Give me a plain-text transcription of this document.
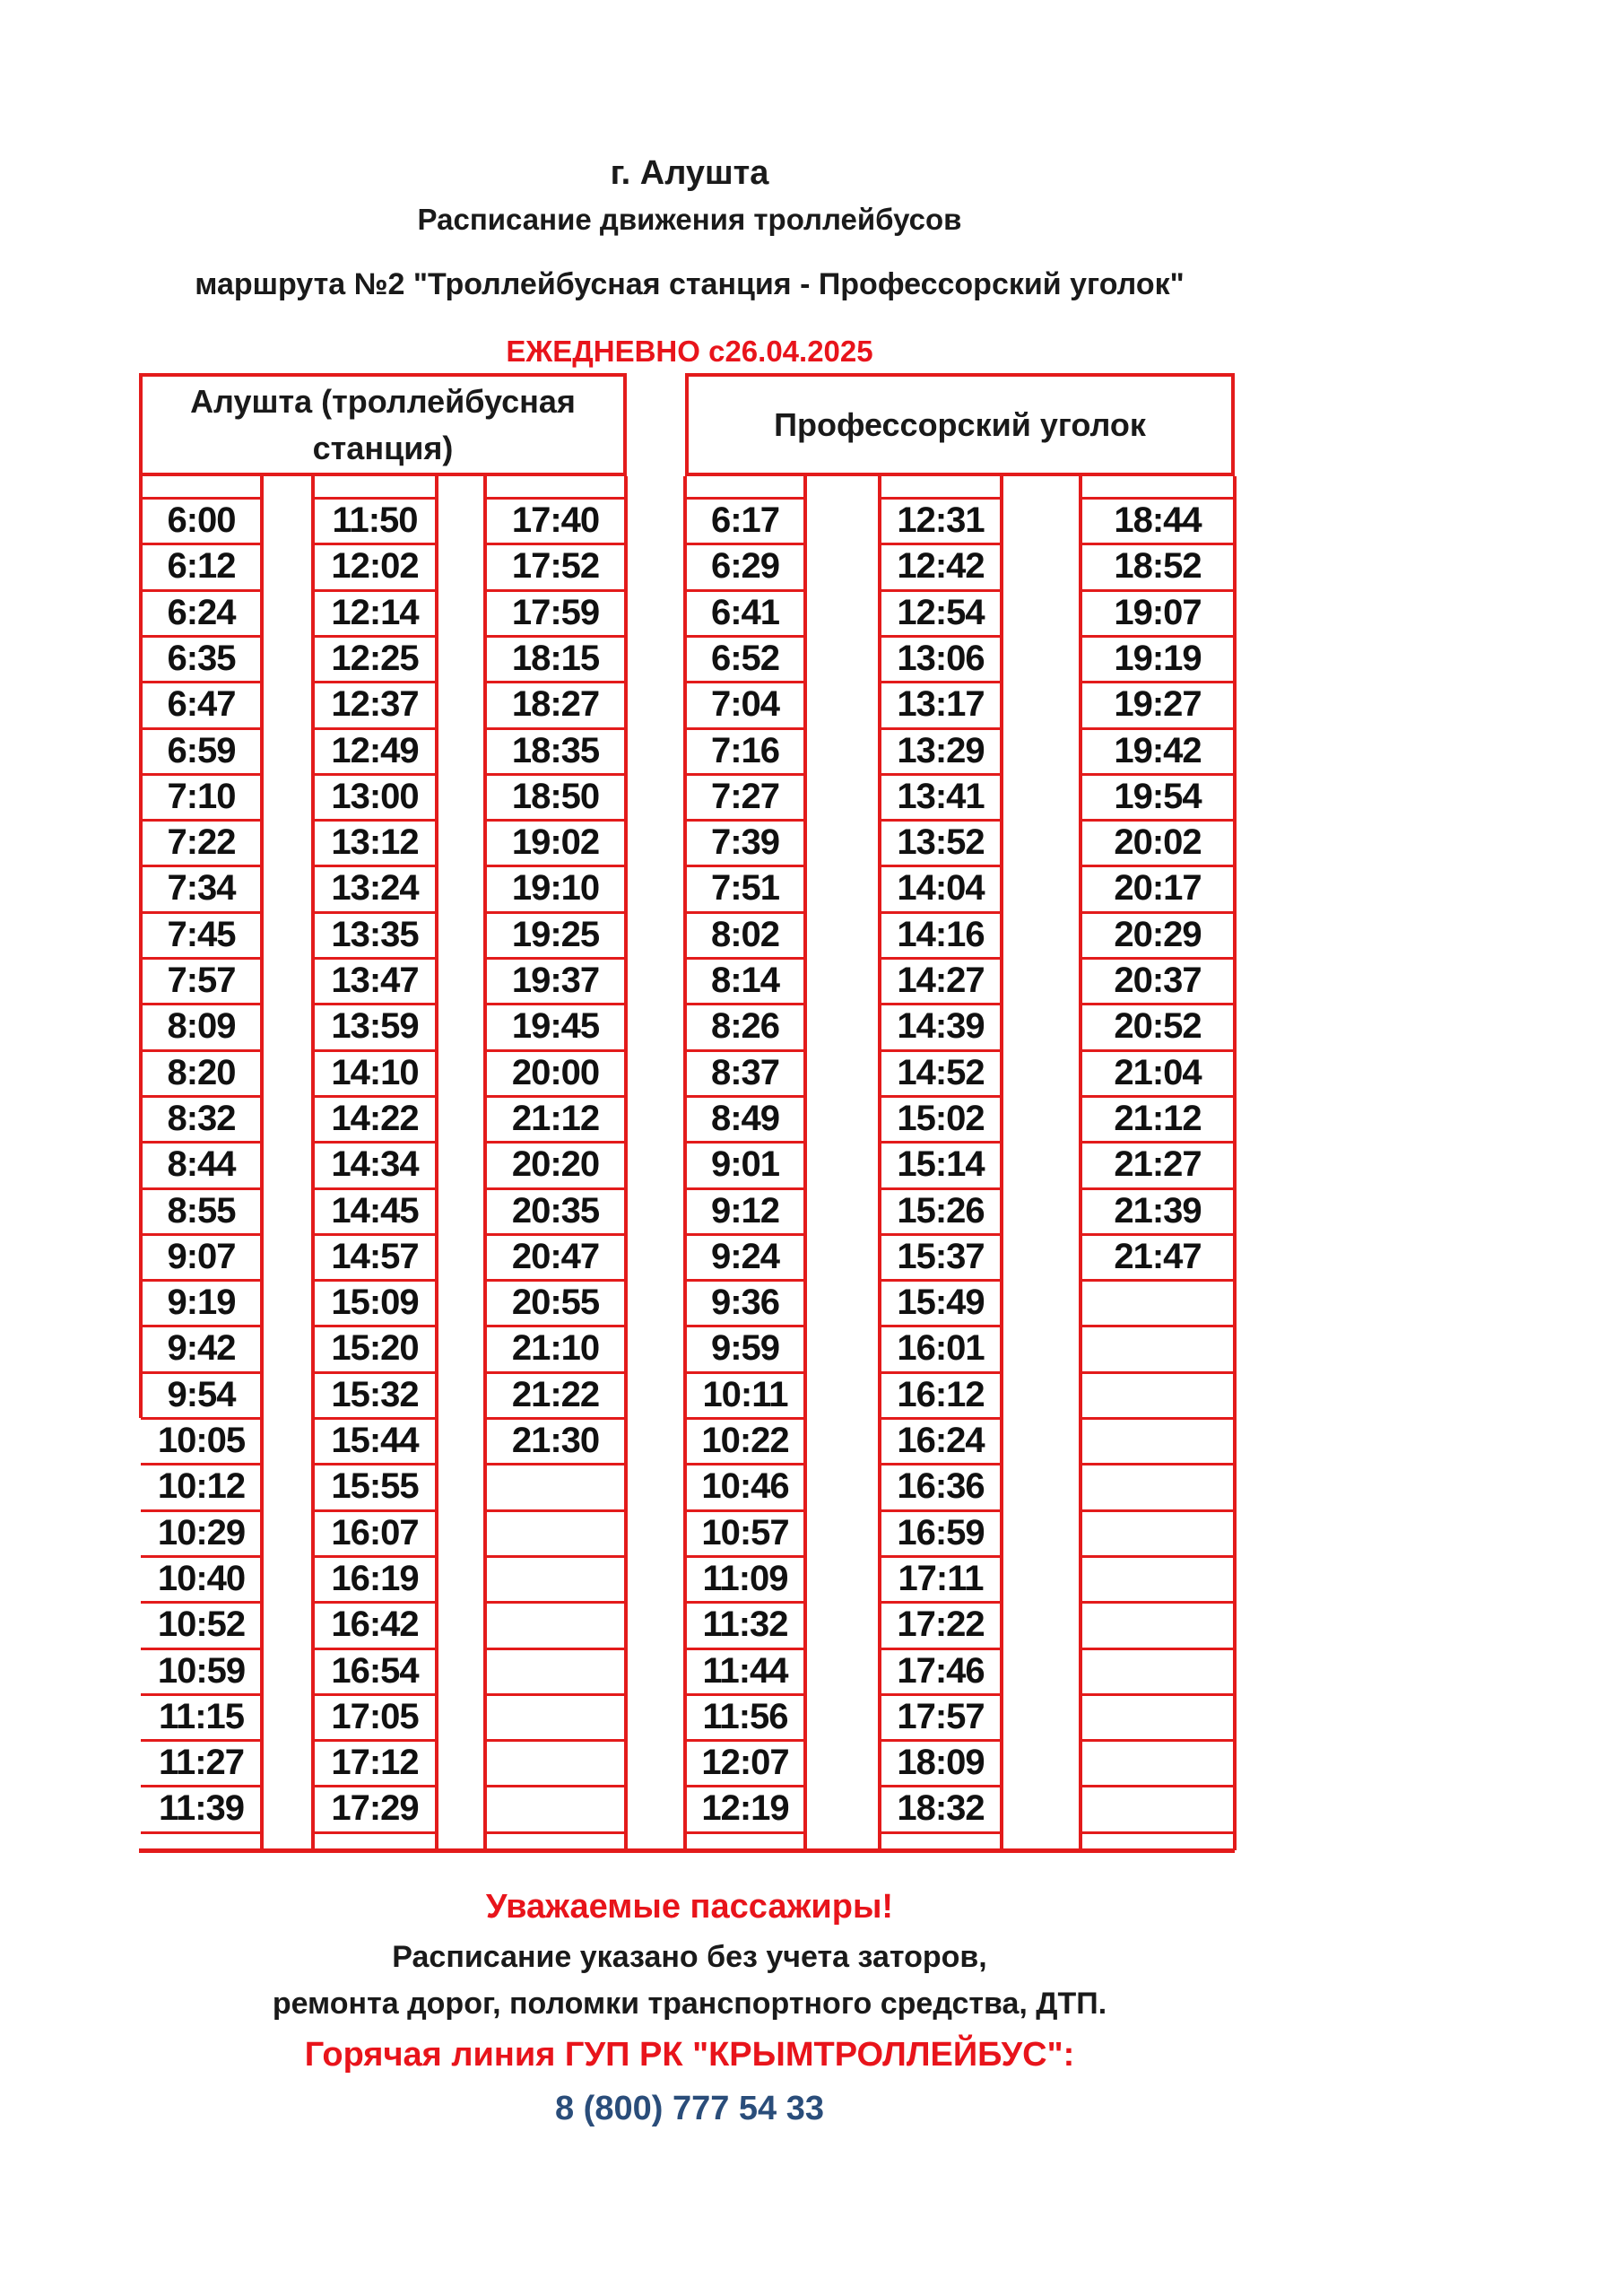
г. Алушта
Расписание движения троллейбусов
маршрута №2 "Троллейбусная станция - Профессорский уголок"
ЕЖЕДНЕВНО с26.04.2025
Алушта (троллейбусная станция)
Профессорский уголок
6:00
6:12
6:24
6:35
6:47
6:59
7:10
7:22
7:34
7:45
7:57
8:09
8:20
8:32
8:44
8:55
9:07
9:19
9:42
9:54
10:05
10:12
10:29
10:40
10:52
10:59
11:15
11:27
11:39
11:50
12:02
12:14
12:25
12:37
12:49
13:00
13:12
13:24
13:35
13:47
13:59
14:10
14:22
14:34
14:45
14:57
15:09
15:20
15:32
15:44
15:55
16:07
16:19
16:42
16:54
17:05
17:12
17:29
17:40
17:52
17:59
18:15
18:27
18:35
18:50
19:02
19:10
19:25
19:37
19:45
20:00
21:12
20:20
20:35
20:47
20:55
21:10
21:22
21:30
6:17
6:29
6:41
6:52
7:04
7:16
7:27
7:39
7:51
8:02
8:14
8:26
8:37
8:49
9:01
9:12
9:24
9:36
9:59
10:11
10:22
10:46
10:57
11:09
11:32
11:44
11:56
12:07
12:19
12:31
12:42
12:54
13:06
13:17
13:29
13:41
13:52
14:04
14:16
14:27
14:39
14:52
15:02
15:14
15:26
15:37
15:49
16:01
16:12
16:24
16:36
16:59
17:11
17:22
17:46
17:57
18:09
18:32
18:44
18:52
19:07
19:19
19:27
19:42
19:54
20:02
20:17
20:29
20:37
20:52
21:04
21:12
21:27
21:39
21:47
Уважаемые пассажиры!
Расписание указано без учета заторов,
ремонта дорог, поломки транспортного средства, ДТП.
Горячая линия ГУП РК "КРЫМТРОЛЛЕЙБУС":
8 (800) 777 54 33
